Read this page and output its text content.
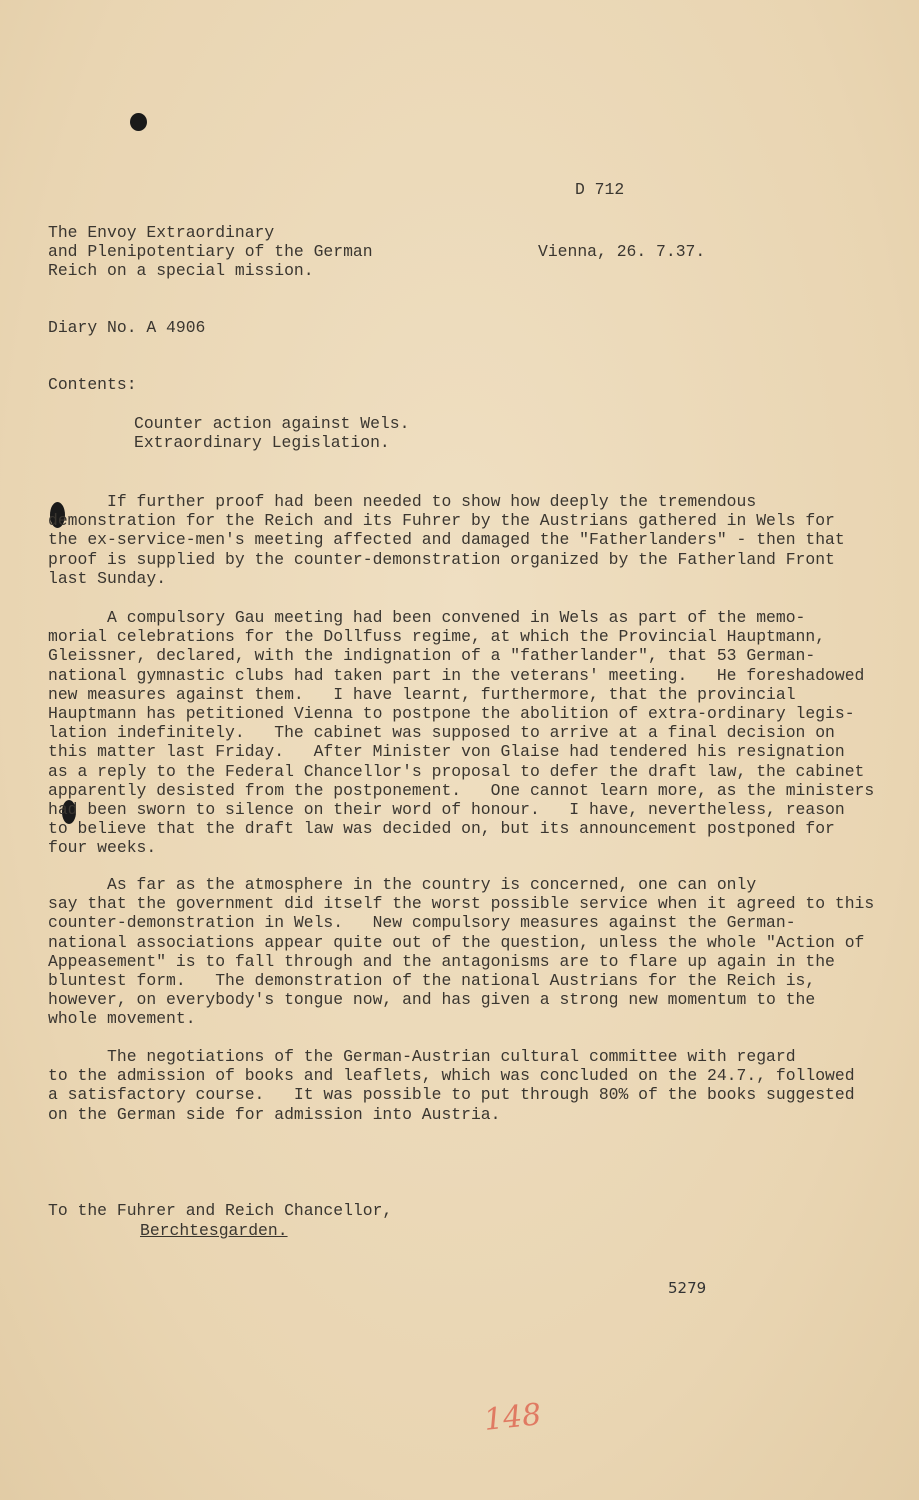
D 712
The Envoy Extraordinary
and Plenipotentiary of the German
Reich on a special mission.
Vienna, 26. 7.37.
Diary No. A 4906
Contents:
Counter action against Wels.
Extraordinary Legislation.
If further proof had been needed to show how deeply the tremendous
demonstration for the Reich and its Fuhrer by the Austrians gathered in Wels for
the ex-service-men's meeting affected and damaged the "Fatherlanders" - then that
proof is supplied by the counter-demonstration organized by the Fatherland Front
last Sunday.
A compulsory Gau meeting had been convened in Wels as part of the memo-
morial celebrations for the Dollfuss regime, at which the Provincial Hauptmann,
Gleissner, declared, with the indignation of a "fatherlander", that 53 German-
national gymnastic clubs had taken part in the veterans' meeting.   He foreshadowed
new measures against them.   I have learnt, furthermore, that the provincial
Hauptmann has petitioned Vienna to postpone the abolition of extra-ordinary legis-
lation indefinitely.   The cabinet was supposed to arrive at a final decision on
this matter last Friday.   After Minister von Glaise had tendered his resignation
as a reply to the Federal Chancellor's proposal to defer the draft law, the cabinet
apparently desisted from the postponement.   One cannot learn more, as the ministers
had been sworn to silence on their word of honour.   I have, nevertheless, reason
to believe that the draft law was decided on, but its announcement postponed for
four weeks.
As far as the atmosphere in the country is concerned, one can only
say that the government did itself the worst possible service when it agreed to this
counter-demonstration in Wels.   New compulsory measures against the German-
national associations appear quite out of the question, unless the whole "Action of
Appeasement" is to fall through and the antagonisms are to flare up again in the
bluntest form.   The demonstration of the national Austrians for the Reich is,
however, on everybody's tongue now, and has given a strong new momentum to the
whole movement.
The negotiations of the German-Austrian cultural committee with regard
to the admission of books and leaflets, which was concluded on the 24.7., followed
a satisfactory course.   It was possible to put through 80% of the books suggested
on the German side for admission into Austria.
To the Fuhrer and Reich Chancellor,
Berchtesgarden.
5279
148
